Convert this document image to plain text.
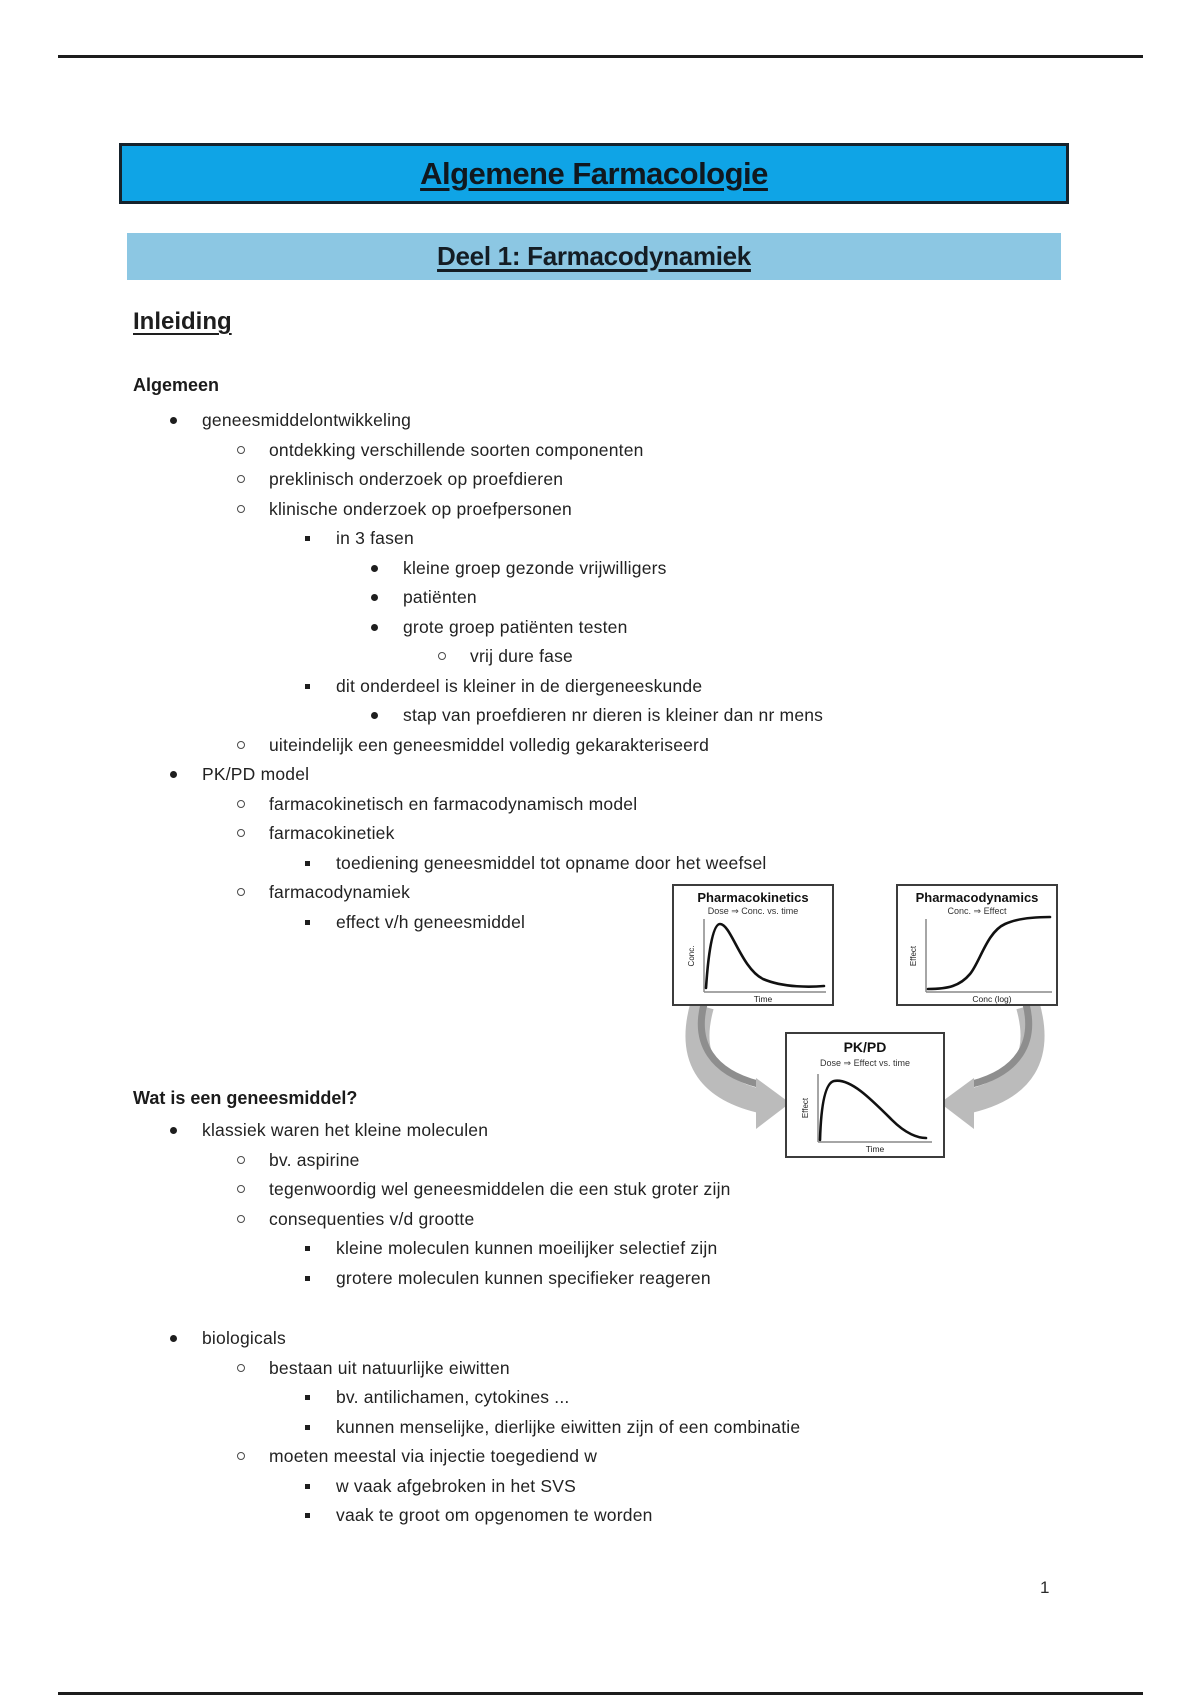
Algemene Farmacologie
Deel 1: Farmacodynamiek
Inleiding
Algemeen
geneesmiddelontwikkeling
ontdekking verschillende soorten componenten
preklinisch onderzoek op proefdieren
klinische onderzoek op proefpersonen
in 3 fasen
kleine groep gezonde vrijwilligers
patiënten
grote groep patiënten testen
vrij dure fase
dit onderdeel is kleiner in de diergeneeskunde
stap van proefdieren nr dieren is kleiner dan nr mens
uiteindelijk een geneesmiddel volledig gekarakteriseerd
PK/PD model
farmacokinetisch en farmacodynamisch model
farmacokinetiek
toediening geneesmiddel tot opname door het weefsel
farmacodynamiek
effect v/h geneesmiddel
Pharmacokinetics
Dose ⇒ Conc. vs. time
Conc.
Time
Pharmacodynamics
Conc. ⇒ Effect
Effect
Conc (log)
PK/PD
Dose ⇒ Effect vs. time
Effect
Time
Wat is een geneesmiddel?
klassiek waren het kleine moleculen
bv. aspirine
tegenwoordig wel geneesmiddelen die een stuk groter zijn
consequenties v/d grootte
kleine moleculen kunnen moeilijker selectief zijn
grotere moleculen kunnen specifieker reageren
biologicals
bestaan uit natuurlijke eiwitten
bv. antilichamen, cytokines ...
kunnen menselijke, dierlijke eiwitten zijn of een combinatie
moeten meestal via injectie toegediend w
w vaak afgebroken in het SVS
vaak te groot om opgenomen te worden
1
